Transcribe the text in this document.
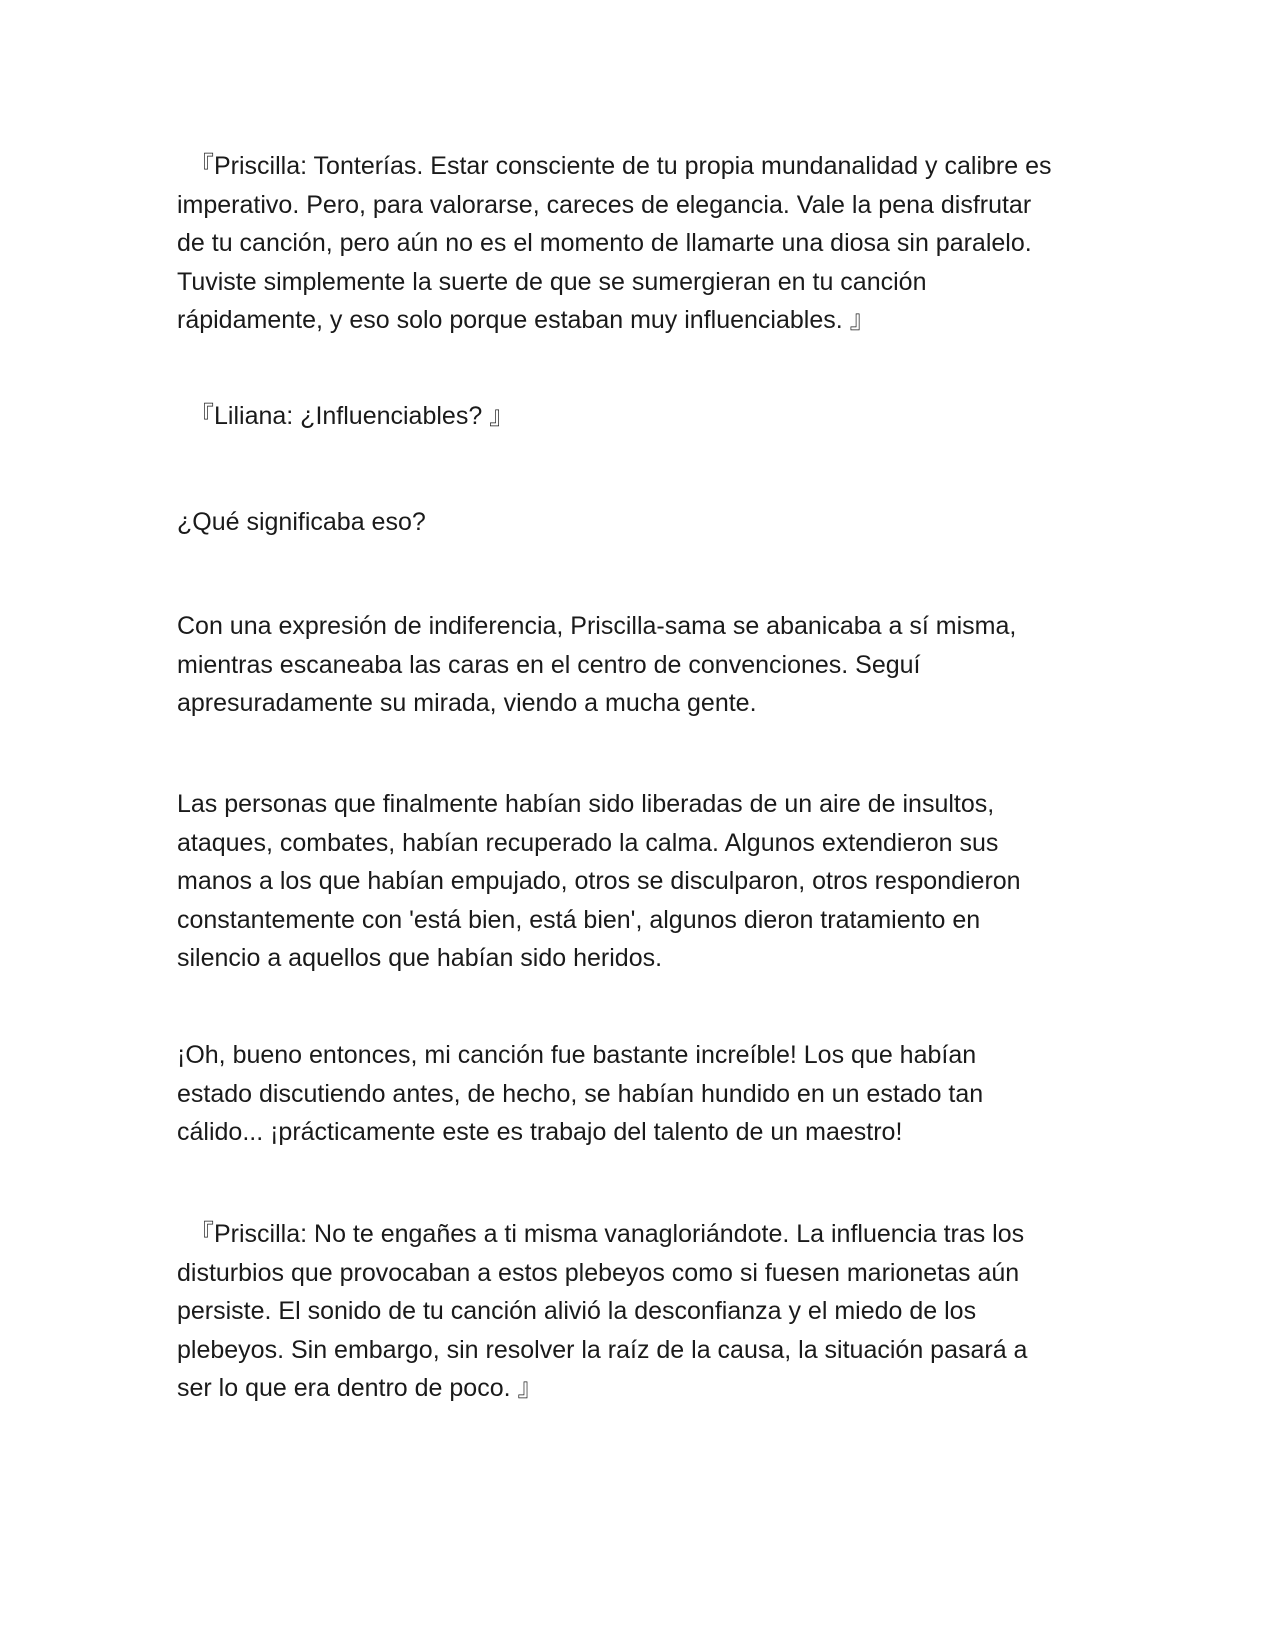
『Priscilla: Tonterías. Estar consciente de tu propia mundanalidad y calibre es
imperativo. Pero, para valorarse, careces de elegancia. Vale la pena disfrutar
de tu canción, pero aún no es el momento de llamarte una diosa sin paralelo.
Tuviste simplemente la suerte de que se sumergieran en tu canción
rápidamente, y eso solo porque estaban muy influenciables. 』

『Liliana: ¿Influenciables? 』

¿Qué significaba eso?

Con una expresión de indiferencia, Priscilla-sama se abanicaba a sí misma,
mientras escaneaba las caras en el centro de convenciones. Seguí
apresuradamente su mirada, viendo a mucha gente.

Las personas que finalmente habían sido liberadas de un aire de insultos,
ataques, combates, habían recuperado la calma. Algunos extendieron sus
manos a los que habían empujado, otros se disculparon, otros respondieron
constantemente con 'está bien, está bien', algunos dieron tratamiento en
silencio a aquellos que habían sido heridos.

¡Oh, bueno entonces, mi canción fue bastante increíble! Los que habían
estado discutiendo antes, de hecho, se habían hundido en un estado tan
cálido... ¡prácticamente este es trabajo del talento de un maestro!

『Priscilla: No te engañes a ti misma vanagloriándote. La influencia tras los
disturbios que provocaban a estos plebeyos como si fuesen marionetas aún
persiste. El sonido de tu canción alivió la desconfianza y el miedo de los
plebeyos. Sin embargo, sin resolver la raíz de la causa, la situación pasará a
ser lo que era dentro de poco. 』
